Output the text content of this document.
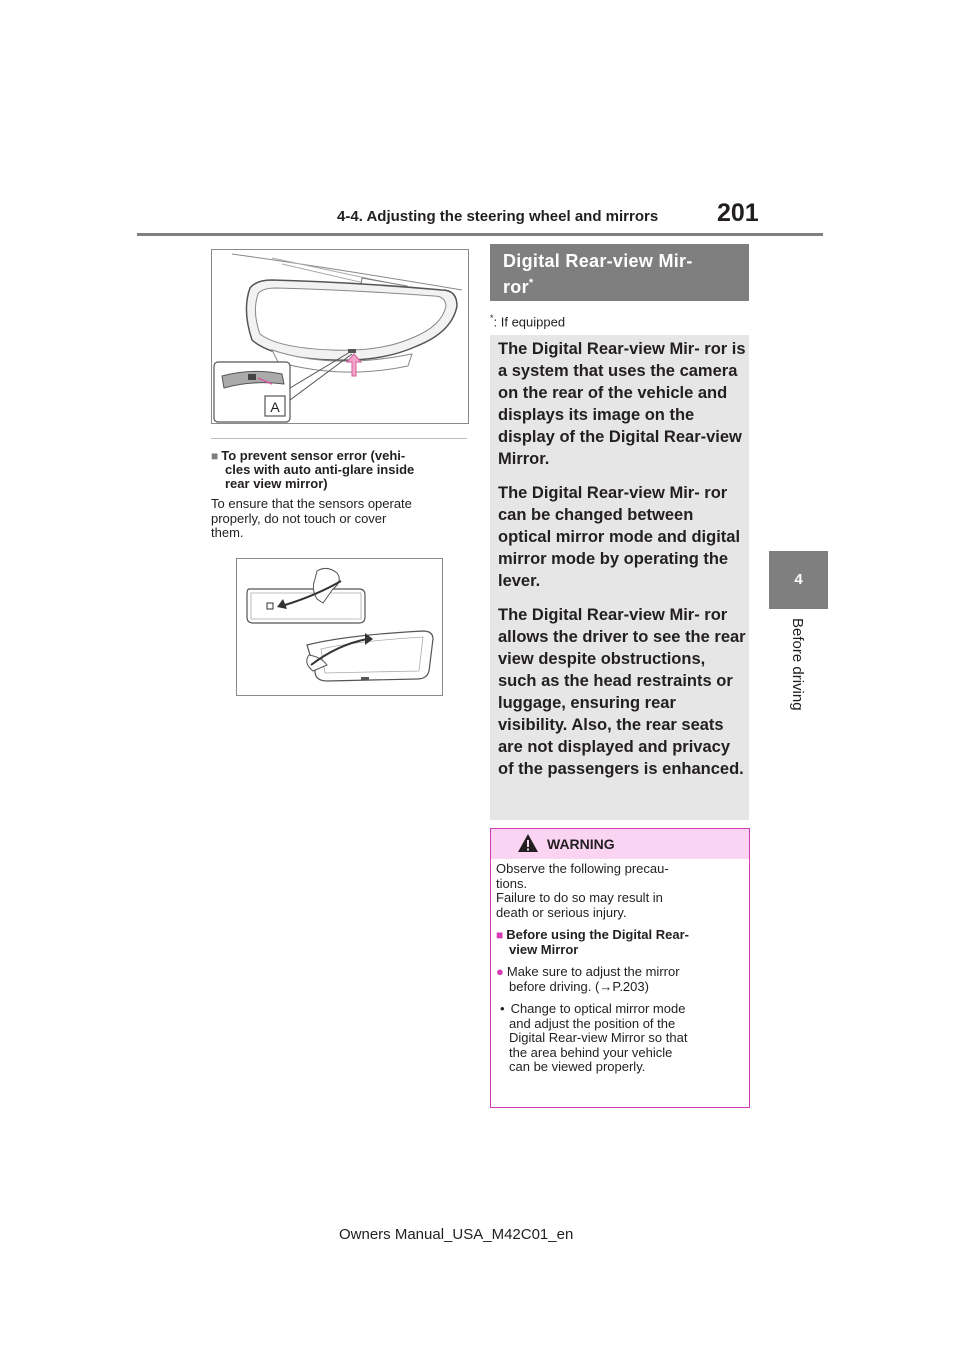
4-4. Adjusting the steering wheel and mirrors 201
4
Before driving
A
■ To prevent sensor error (vehi-
cles with auto anti-glare inside
rear view mirror)
To ensure that the sensors operate
properly, do not touch or cover
them.
Digital Rear-view Mir-
ror*
*: If equipped

The Digital Rear-view Mir- ror is a system that uses the camera on the rear of the vehicle and displays its image on the display of the Digital Rear-view Mirror.

The Digital Rear-view Mir- ror can be changed between optical mirror mode and digital mirror mode by operating the lever.

The Digital Rear-view Mir- ror allows the driver to see the rear view despite obstructions, such as the head restraints or luggage, ensuring rear visibility. Also, the rear seats are not displayed and privacy of the passengers is enhanced.

WARNING

Observe the following precau-
tions.
Failure to do so may result in
death or serious injury.

■ Before using the Digital Rear-
view Mirror

● Make sure to adjust the mirror
before driving. (→P.203)

• Change to optical mirror mode
and adjust the position of the
Digital Rear-view Mirror so that
the area behind your vehicle
can be viewed properly.

Owners Manual_USA_M42C01_en
